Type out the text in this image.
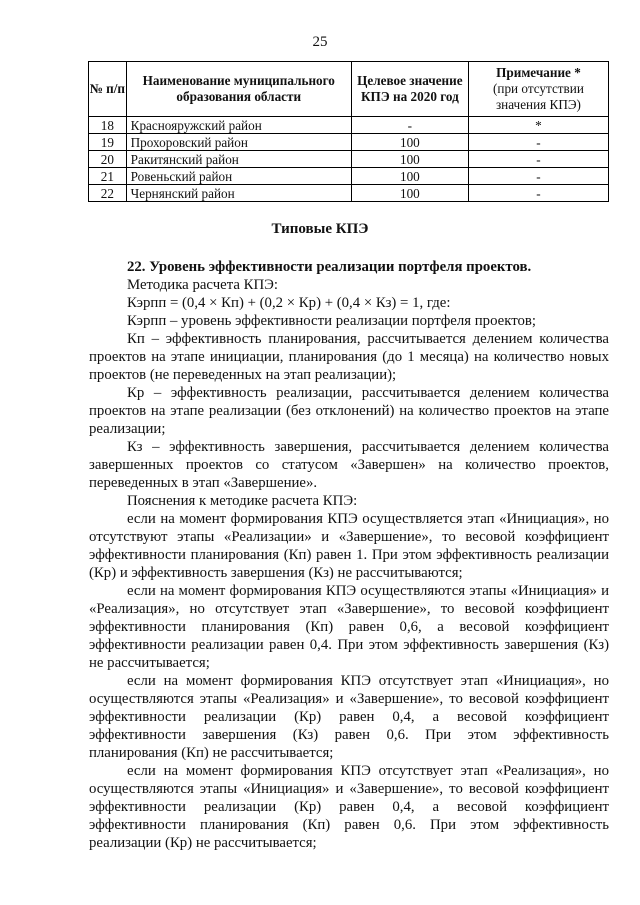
25
№ п/п	Наименование муниципального образования области	Целевое значение КПЭ на 2020 год	Примечание *
(при отсутствии значения КПЭ)
18	Краснояружский район	-	*
19	Прохоровский район	100	-
20	Ракитянский район	100	-
21	Ровеньский район	100	-
22	Чернянский район	100	-
Типовые КПЭ

22. Уровень эффективности реализации портфеля проектов.

Методика расчета КПЭ:

Кэрпп = (0,4 × Кп) + (0,2 × Кр) + (0,4 × Кз) = 1, где:

Кэрпп – уровень эффективности реализации портфеля проектов;

Кп – эффективность планирования, рассчитывается делением количества проектов на этапе инициации, планирования (до 1 месяца) на количество новых проектов (не переведенных на этап реализации);

Кр – эффективность реализации, рассчитывается делением количества проектов на этапе реализации (без отклонений) на количество проектов на этапе реализации;

Кз – эффективность завершения, рассчитывается делением количества завершенных проектов со статусом «Завершен» на количество проектов, переведенных в этап «Завершение».

Пояснения к методике расчета КПЭ:

если на момент формирования КПЭ осуществляется этап «Инициация», но отсутствуют этапы «Реализации» и «Завершение», то весовой коэффициент эффективности планирования (Кп) равен 1. При этом эффективность реализации (Кр) и эффективность завершения (Кз) не рассчитываются;

если на момент формирования КПЭ осуществляются этапы «Инициация» и «Реализация», но отсутствует этап «Завершение», то весовой коэффициент эффективности планирования (Кп) равен 0,6, а весовой коэффициент эффективности реализации равен 0,4. При этом эффективность завершения (Кз) не рассчитывается;

если на момент формирования КПЭ отсутствует этап «Инициация», но осуществляются этапы «Реализация» и «Завершение», то весовой коэффициент эффективности реализации (Кр) равен 0,4, а весовой коэффициент эффективности завершения (Кз) равен 0,6. При этом эффективность планирования (Кп) не рассчитывается;

если на момент формирования КПЭ отсутствует этап «Реализация», но осуществляются этапы «Инициация» и «Завершение», то весовой коэффициент эффективности реализации (Кр) равен 0,4, а весовой коэффициент эффективности планирования (Кп) равен 0,6. При этом эффективность реализации (Кр) не рассчитывается;
